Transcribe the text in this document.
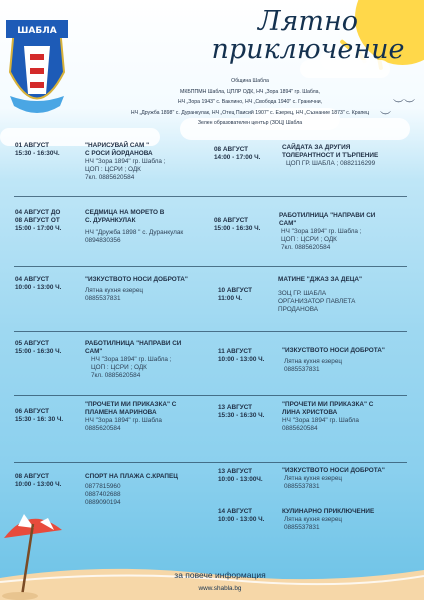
︶︶
︶
ШАБЛА	Лятно
приключение

Община Шабла

МКБППМН Шабла, ЦПЛР ОДК, НЧ „Зора 1894" гр. Шабла,

НЧ „Зора 1943" с. Ваклино, НЧ „Свобода 1940" с. Гранични,

НЧ „Дружба 1898" с. Дуранкулак, НЧ „Отец Паисий 1907" с. Езерец, НЧ „Съзнание 1873" с. Крапец

Зелен образователен център (ЗОЦ) Шабла

01 АВГУСТ
15:30 - 16:30Ч.
"НАРИСУВАЙ САМ "
С РОСИ ЙОРДАНОВА
НЧ "Зора 1894" гр. Шабла ;
ЦОП : ЦСРИ ; ОДК
7кл. 0885620584
08 АВГУСТ
14:00 - 17:00 Ч.
САЙДАТА ЗА ДРУГИЯ
ТОЛЕРАНТНОСТ И ТЪРПЕНИЕ
ЦОП ГР. ШАБЛА ; 0882116299
04 АВГУСТ ДО
08 АВГУСТ ОТ
15:00 - 17:00 Ч.
СЕДМИЦА НА МОРЕТО В
С. ДУРАНКУЛАК
НЧ "Дружба 1898 " с. Дуранкулак
0894830356
08 АВГУСТ
15:00 - 16:30 Ч.
РАБОТИЛНИЦА "НАПРАВИ СИ
САМ"
НЧ "Зора 1894" гр. Шабла ;
ЦОП : ЦСРИ ; ОДК
7кл. 0885620584
04 АВГУСТ
10:00 - 13:00 Ч.
"ИЗКУСТВОТО НОСИ ДОБРОТА"
Лятна кухня езерец
0885537831
10 АВГУСТ
11:00 Ч.
МАТИНЕ "ДЖАЗ ЗА ДЕЦА"
ЗОЦ ГР. ШАБЛА
ОРГАНИЗАТОР ПАВЛЕТА
ПРОДАНОВА
05 АВГУСТ
15:00 - 16:30 Ч.
РАБОТИЛНИЦА "НАПРАВИ СИ
САМ"
НЧ "Зора 1894" гр. Шабла ;
ЦОП : ЦСРИ ; ОДК
7кл. 0885620584
11 АВГУСТ
10:00 - 13:00 Ч.
"ИЗКУСТВОТО НОСИ ДОБРОТА"
Лятна кухня езерец
0885537831
06 АВГУСТ
15:30 - 16: 30 Ч.
"ПРОЧЕТИ МИ ПРИКАЗКА" С
ПЛАМЕНА МАРИНОВА
НЧ "Зора 1894" гр. Шабла
0885620584
13 АВГУСТ
15:30 - 16:30 Ч.
"ПРОЧЕТИ МИ ПРИКАЗКА" С
ЛИНА ХРИСТОВА
НЧ "Зора 1894" гр. Шабла
0885620584
08 АВГУСТ
10:00 - 13:00 Ч.
СПОРТ НА ПЛАЖА С.КРАПЕЦ
0877815960
0887402688
0889090194
13 АВГУСТ
10:00 - 13:00Ч.
"ИЗКУСТВОТО НОСИ ДОБРОТА"
Лятна кухня езерец
0885537831
14 АВГУСТ
10:00 - 13:00 Ч.
КУЛИНАРНО ПРИКЛЮЧЕНИЕ
Лятна кухня езерец
0885537831
за повече информация
www.shabla.bg
